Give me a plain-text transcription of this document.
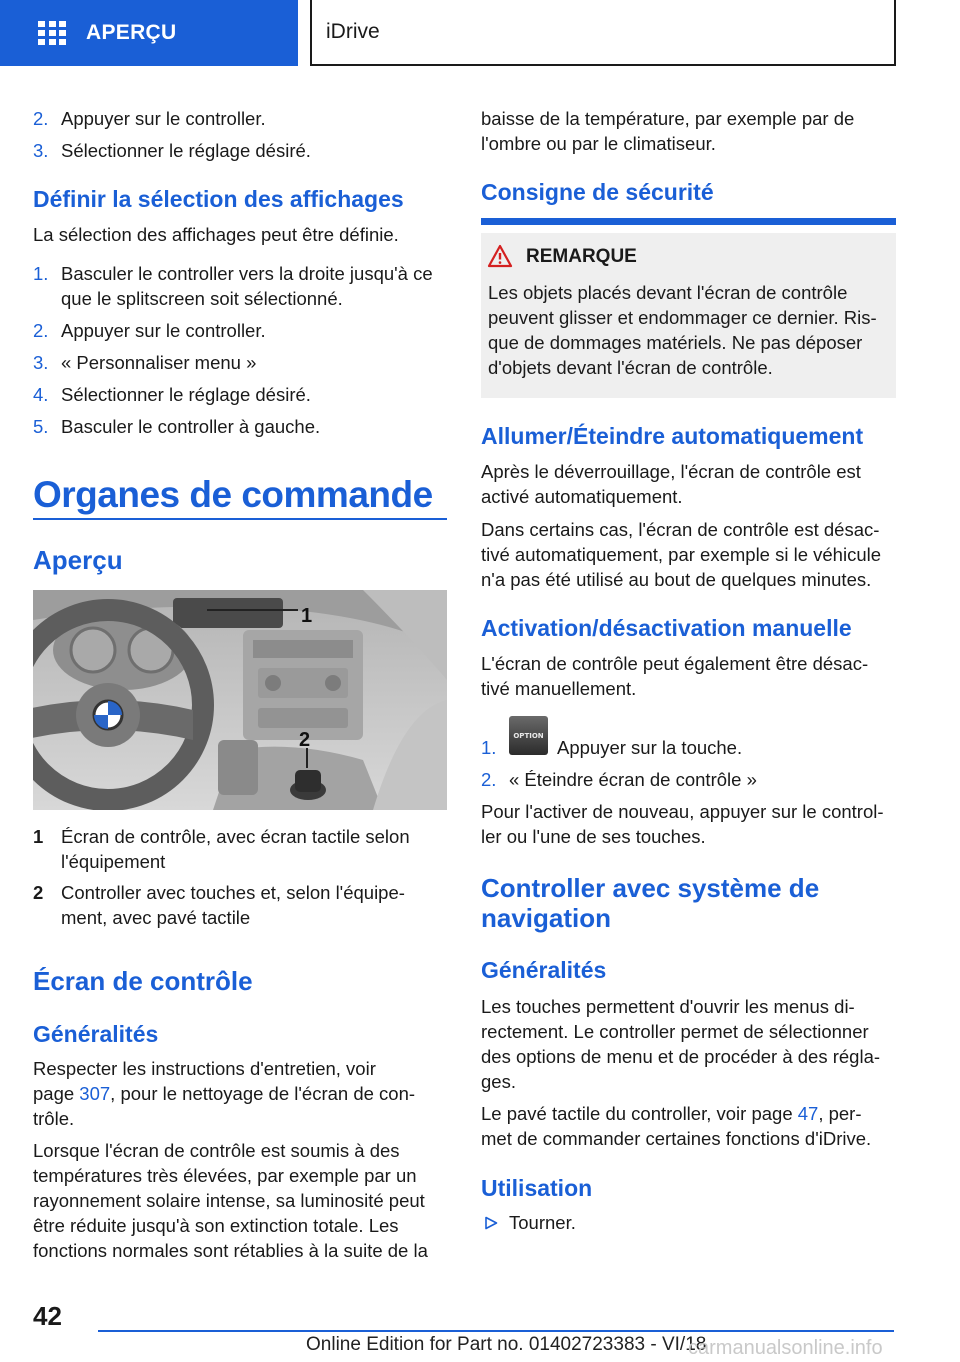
APERÇU	iDrive
2. Appuyer sur le controller.
3. Sélectionner le réglage désiré.
Définir la sélection des affichages
La sélection des affichages peut être définie.
1. Basculer le controller vers la droite jusqu'à ce
que le splitscreen soit sélectionné.
2. Appuyer sur le controller.
3. « Personnaliser menu »
4. Sélectionner le réglage désiré.
5. Basculer le controller à gauche.
Organes de commande
Aperçu
1
2
1 Écran de contrôle, avec écran tactile selon
l'équipement
2 Controller avec touches et, selon l'équipe‐
ment, avec pavé tactile
Écran de contrôle
Généralités
Respecter les instructions d'entretien, voir
page 307, pour le nettoyage de l'écran de con‐
trôle.
Lorsque l'écran de contrôle est soumis à des
températures très élevées, par exemple par un
rayonnement solaire intense, sa luminosité peut
être réduite jusqu'à son extinction totale. Les
fonctions normales sont rétablies à la suite de la
baisse de la température, par exemple par de
l'ombre ou par le climatiseur.
Consigne de sécurité
REMARQUE
Les objets placés devant l'écran de contrôle
peuvent glisser et endommager ce dernier. Ris‐
que de dommages matériels. Ne pas déposer
d'objets devant l'écran de contrôle.
Allumer/Éteindre automatiquement
Après le déverrouillage, l'écran de contrôle est
activé automatiquement.
Dans certains cas, l'écran de contrôle est désac‐
tivé automatiquement, par exemple si le véhicule
n'a pas été utilisé au bout de quelques minutes.
Activation/désactivation manuelle
L'écran de contrôle peut également être désac‐
tivé manuellement.
1.
OPTION
Appuyer sur la touche.
2. « Éteindre écran de contrôle »
Pour l'activer de nouveau, appuyer sur le control‐
ler ou l'une de ses touches.
Controller avec système de
navigation
Généralités
Les touches permettent d'ouvrir les menus di‐
rectement. Le controller permet de sélectionner
des options de menu et de procéder à des régla‐
ges.
Le pavé tactile du controller, voir page 47, per‐
met de commander certaines fonctions d'iDrive.
Utilisation
Tourner.
42
Online Edition for Part no. 01402723383 - VI/18
carmanualsonline.info
